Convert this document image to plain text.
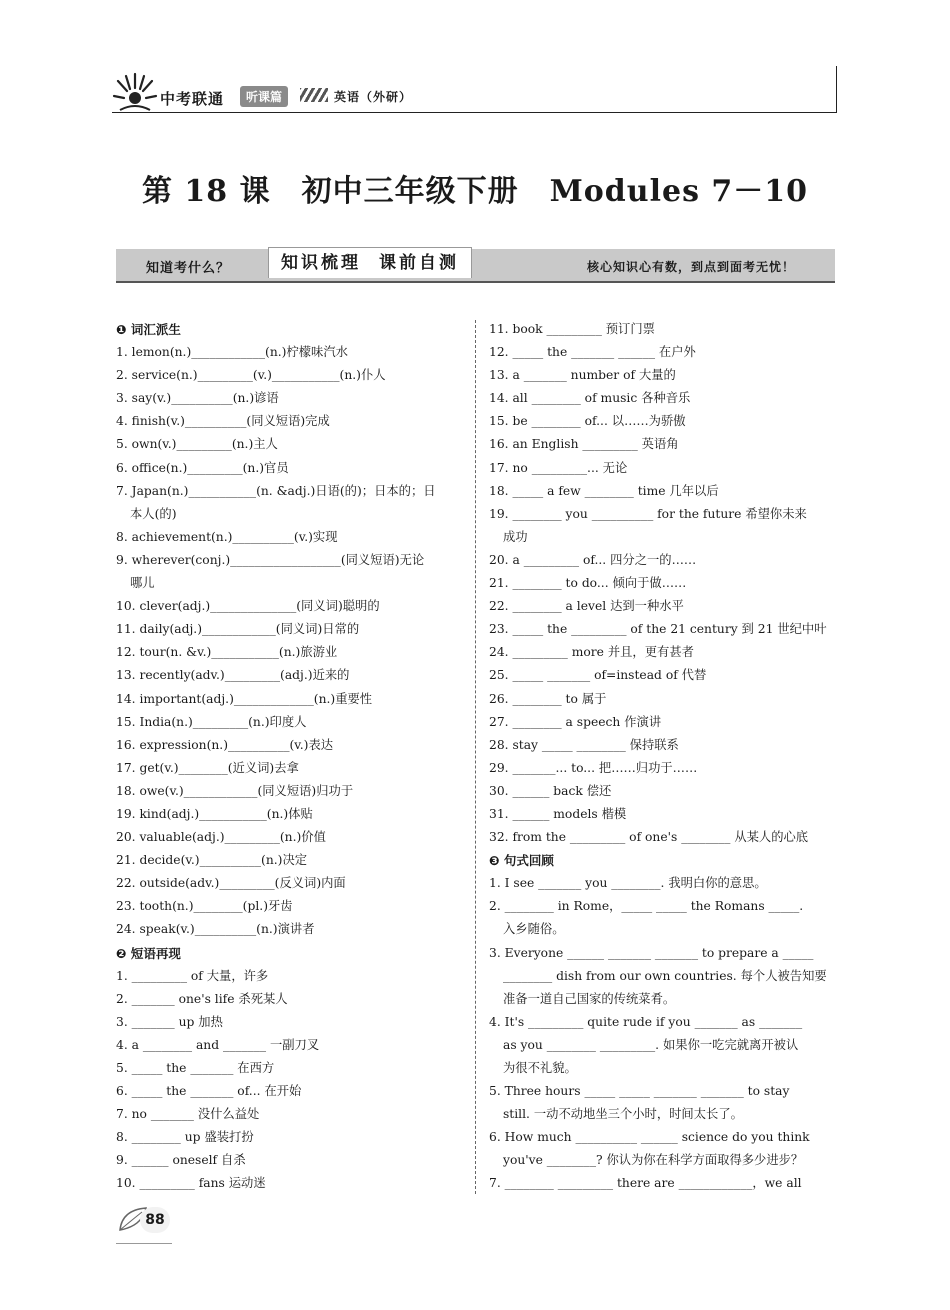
中考联通	听课篇	英语（外研）
第 18 课　初中三年级下册　Modules 7－10
知道考什么？	知识梳理 课前自测	核心知识心有数，到点到面考无忧！
❶ 词汇派生
1. lemon(n.)____________(n.)柠檬味汽水
2. service(n.)_________(v.)___________(n.)仆人
3. say(v.)__________(n.)谚语
4. finish(v.)__________(同义短语)完成
5. own(v.)_________(n.)主人
6. office(n.)_________(n.)官员
7. Japan(n.)___________(n. &adj.)日语(的)；日本的；日
本人(的)
8. achievement(n.)__________(v.)实现
9. wherever(conj.)__________________(同义短语)无论
哪儿
10. clever(adj.)______________(同义词)聪明的
11. daily(adj.)____________(同义词)日常的
12. tour(n. &v.)___________(n.)旅游业
13. recently(adv.)_________(adj.)近来的
14. important(adj.)_____________(n.)重要性
15. India(n.)_________(n.)印度人
16. expression(n.)__________(v.)表达
17. get(v.)________(近义词)去拿
18. owe(v.)____________(同义短语)归功于
19. kind(adj.)___________(n.)体贴
20. valuable(adj.)_________(n.)价值
21. decide(v.)__________(n.)决定
22. outside(adv.)_________(反义词)内面
23. tooth(n.)________(pl.)牙齿
24. speak(v.)__________(n.)演讲者
❷ 短语再现
1. _________ of 大量，许多
2. _______ one's life 杀死某人
3. _______ up 加热
4. a ________ and _______ 一副刀叉
5. _____ the _______ 在西方
6. _____ the _______ of... 在开始
7. no _______ 没什么益处
8. ________ up 盛装打扮
9. ______ oneself 自杀
10. _________ fans 运动迷
11. book _________ 预订门票
12. _____ the _______ ______ 在户外
13. a _______ number of 大量的
14. all ________ of music 各种音乐
15. be ________ of... 以……为骄傲
16. an English _________ 英语角
17. no _________... 无论
18. _____ a few ________ time 几年以后
19. ________ you __________ for the future 希望你未来
成功
20. a _________ of... 四分之一的……
21. ________ to do... 倾向于做……
22. ________ a level 达到一种水平
23. _____ the _________ of the 21 century 到 21 世纪中叶
24. _________ more 并且，更有甚者
25. _____ _______ of=instead of 代替
26. ________ to 属于
27. ________ a speech 作演讲
28. stay _____ ________ 保持联系
29. _______... to... 把……归功于……
30. ______ back 偿还
31. ______ models 楷模
32. from the _________ of one's ________ 从某人的心底
❸ 句式回顾
1. I see _______ you ________. 我明白你的意思。
2. ________ in Rome，_____ _____ the Romans _____.
入乡随俗。
3. Everyone ______ _______ _______ to prepare a _____
________ dish from our own countries. 每个人被告知要
准备一道自己国家的传统菜肴。
4. It's _________ quite rude if you _______ as _______
as you ________ _________. 如果你一吃完就离开被认
为很不礼貌。
5. Three hours _____ _____ _______ _______ to stay
still. 一动不动地坐三个小时，时间太长了。
6. How much __________ ______ science do you think
you've ________? 你认为你在科学方面取得多少进步？
7. ________ _________ there are ____________，we all
88
